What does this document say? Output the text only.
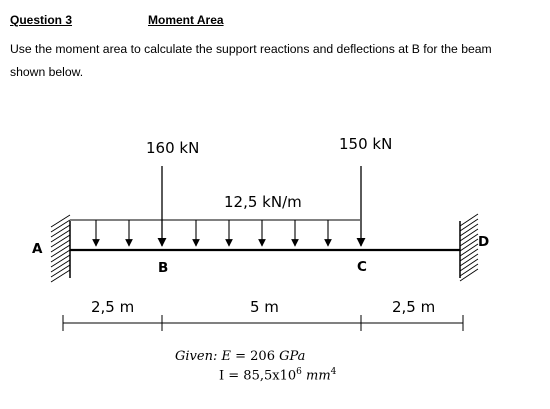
Question 3	Moment Area
Use the moment area to calculate the support reactions and deflections at B for the beam
shown below.
160 kN
12,5 kN/m
150 kN
A
B	C
D
2,5 m	5 m	2,5 m
Given: E = 206 GPa
$I = 85,5x10^6$ $mm^4$
